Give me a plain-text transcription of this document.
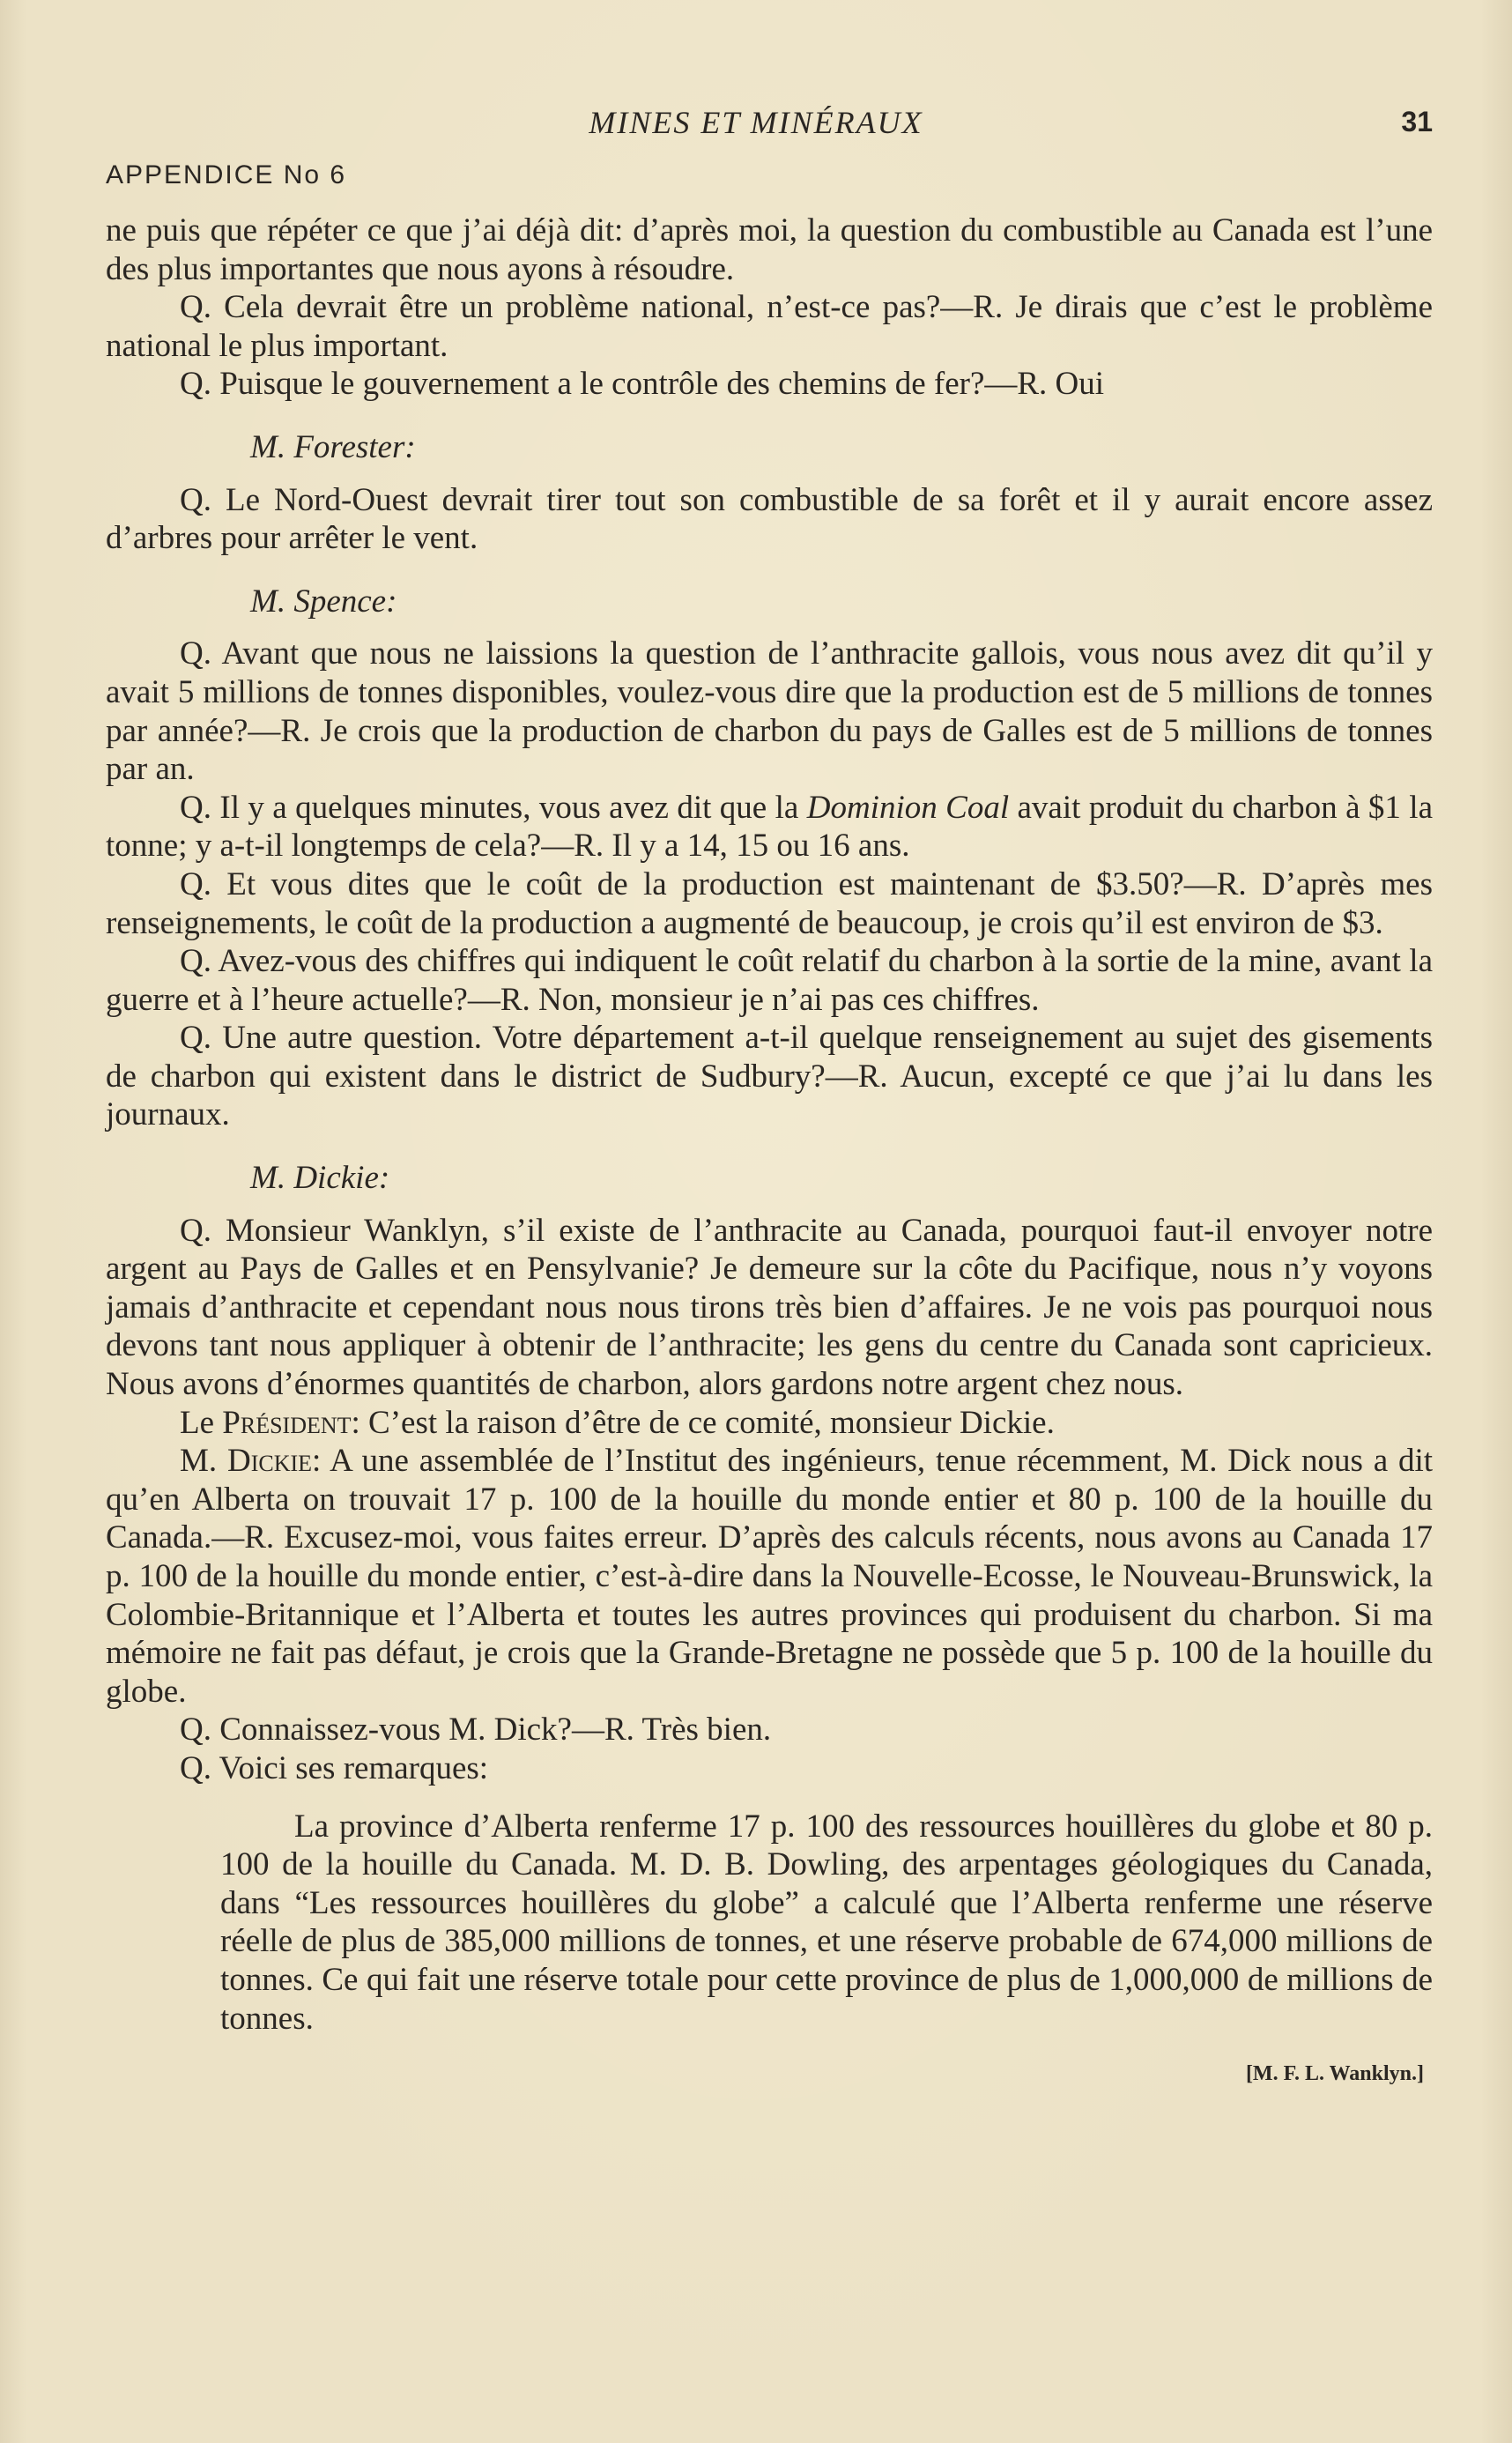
MINES ET MINÉRAUX	31
APPENDICE No 6

ne puis que répéter ce que j’ai déjà dit: d’après moi, la question du combustible au Canada est l’une des plus importantes que nous ayons à résoudre.

Q. Cela devrait être un problème national, n’est-ce pas?—R. Je dirais que c’est le problème national le plus important.

Q. Puisque le gouvernement a le contrôle des chemins de fer?—R. Oui

M. Forester:

Q. Le Nord-Ouest devrait tirer tout son combustible de sa forêt et il y aurait encore assez d’arbres pour arrêter le vent.

M. Spence:

Q. Avant que nous ne laissions la question de l’anthracite gallois, vous nous avez dit qu’il y avait 5 millions de tonnes disponibles, voulez-vous dire que la production est de 5 millions de tonnes par année?—R. Je crois que la production de charbon du pays de Galles est de 5 millions de tonnes par an.

Q. Il y a quelques minutes, vous avez dit que la Dominion Coal avait produit du charbon à $1 la tonne; y a-t-il longtemps de cela?—R. Il y a 14, 15 ou 16 ans.

Q. Et vous dites que le coût de la production est maintenant de $3.50?—R. D’après mes renseignements, le coût de la production a augmenté de beaucoup, je crois qu’il est environ de $3.

Q. Avez-vous des chiffres qui indiquent le coût relatif du charbon à la sortie de la mine, avant la guerre et à l’heure actuelle?—R. Non, monsieur je n’ai pas ces chiffres.

Q. Une autre question. Votre département a-t-il quelque renseignement au sujet des gisements de charbon qui existent dans le district de Sudbury?—R. Aucun, excepté ce que j’ai lu dans les journaux.

M. Dickie:

Q. Monsieur Wanklyn, s’il existe de l’anthracite au Canada, pourquoi faut-il envoyer notre argent au Pays de Galles et en Pensylvanie? Je demeure sur la côte du Pacifique, nous n’y voyons jamais d’anthracite et cependant nous nous tirons très bien d’affaires. Je ne vois pas pourquoi nous devons tant nous appliquer à obtenir de l’anthracite; les gens du centre du Canada sont capricieux. Nous avons d’énormes quantités de charbon, alors gardons notre argent chez nous.

Le Président: C’est la raison d’être de ce comité, monsieur Dickie.

M. Dickie: A une assemblée de l’Institut des ingénieurs, tenue récemment, M. Dick nous a dit qu’en Alberta on trouvait 17 p. 100 de la houille du monde entier et 80 p. 100 de la houille du Canada.—R. Excusez-moi, vous faites erreur. D’après des calculs récents, nous avons au Canada 17 p. 100 de la houille du monde entier, c’est-à-dire dans la Nouvelle-Ecosse, le Nouveau-Brunswick, la Colombie-Britannique et l’Alberta et toutes les autres provinces qui produisent du charbon. Si ma mémoire ne fait pas défaut, je crois que la Grande-Bretagne ne possède que 5 p. 100 de la houille du globe.

Q. Connaissez-vous M. Dick?—R. Très bien.

Q. Voici ses remarques:

La province d’Alberta renferme 17 p. 100 des ressources houillères du globe et 80 p. 100 de la houille du Canada. M. D. B. Dowling, des arpentages géologiques du Canada, dans “Les ressources houillères du globe” a calculé que l’Alberta renferme une réserve réelle de plus de 385,000 millions de tonnes, et une réserve probable de 674,000 millions de tonnes. Ce qui fait une réserve totale pour cette province de plus de 1,000,000 de millions de tonnes.

[M. F. L. Wanklyn.]
